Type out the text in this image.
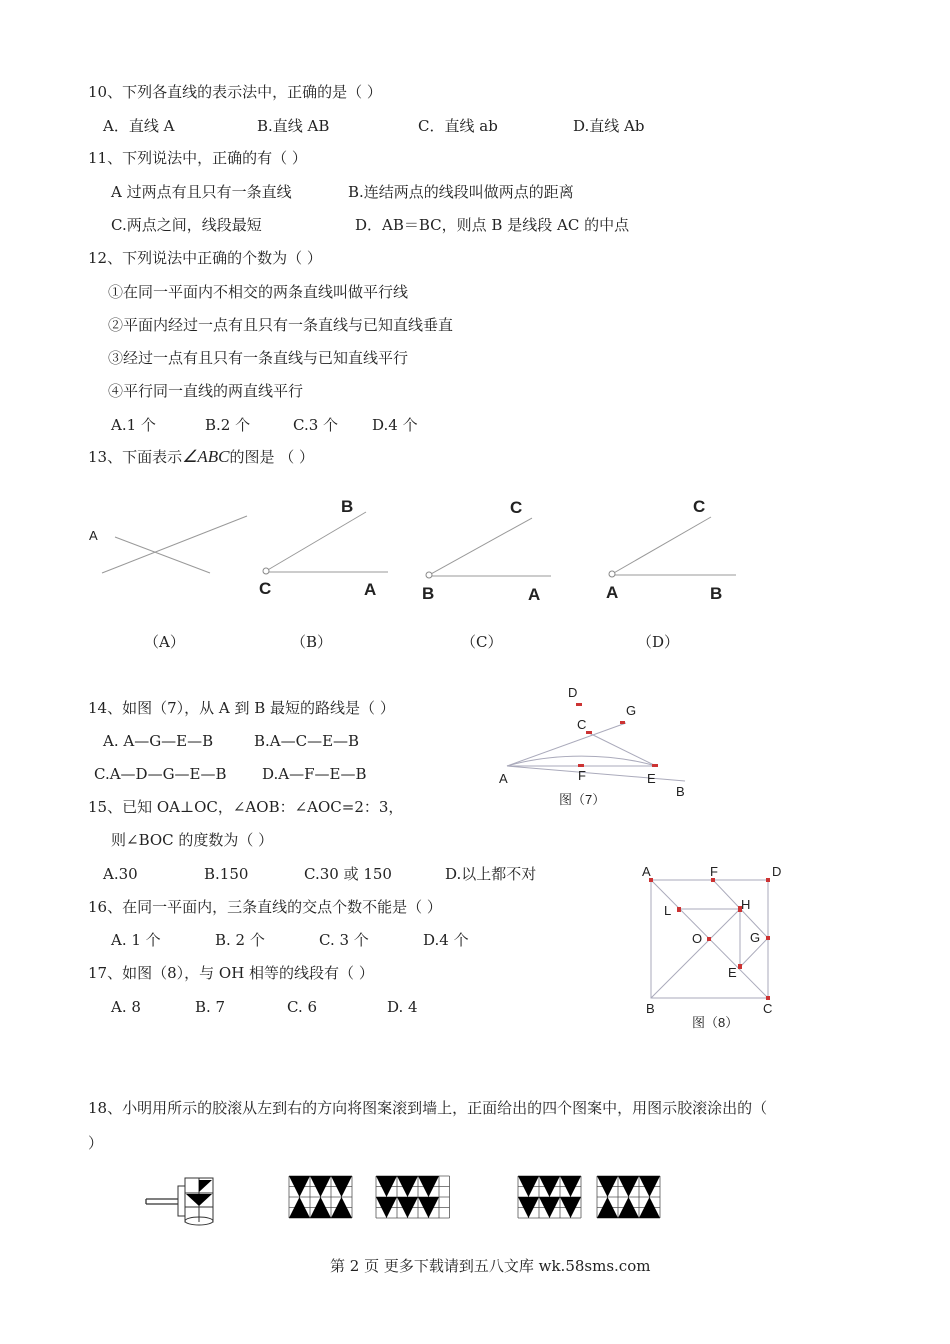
10、下列各直线的表示法中，正确的是（ ）
A．直线 A	B.直线 AB	C．直线 ab	D.直线 Ab
11、下列说法中，正确的有（ ）
A 过两点有且只有一条直线	B.连结两点的线段叫做两点的距离
C.两点之间，线段最短	D．AB＝BC，则点 B 是线段 AC 的中点
12、下列说法中正确的个数为（ ）
①在同一平面内不相交的两条直线叫做平行线
②平面内经过一点有且只有一条直线与已知直线垂直
③经过一点有且只有一条直线与已知直线平行
④平行同一直线的两直线平行
A.1 个	B.2 个	C.3 个 D.4 个
13、下面表示∠ABC的图是 （ ）
A
B
C	A
C
B	A
C
A	B
（A）	（B）	（C）	（D）
14、如图（7），从 A 到 B 最短的路线是（ ）
A. A—G—E—B	B.A—C—E—B
C.A—D—G—E—B D.A—F—E—B
D
C
G
A	F	E
B
图（7）
15、已知 OA⊥OC，∠AOB：∠AOC=2：3，
则∠BOC 的度数为（ ）
A.30	B.150	C.30 或 150	D.以上都不对
16、在同一平面内，三条直线的交点个数不能是（ ）
A. 1 个	B. 2 个	C. 3 个	D.4 个
17、如图（8），与 OH 相等的线段有（ ）
A. 8	B. 7	C. 6	D. 4
A	F	D
L	H
O	G
E
B	C
图（8）
18、小明用所示的胶滚从左到右的方向将图案滚到墙上，正面给出的四个图案中，用图示胶滚涂出的（
）
第 2 页 更多下载请到五八文库 wk.58sms.com
